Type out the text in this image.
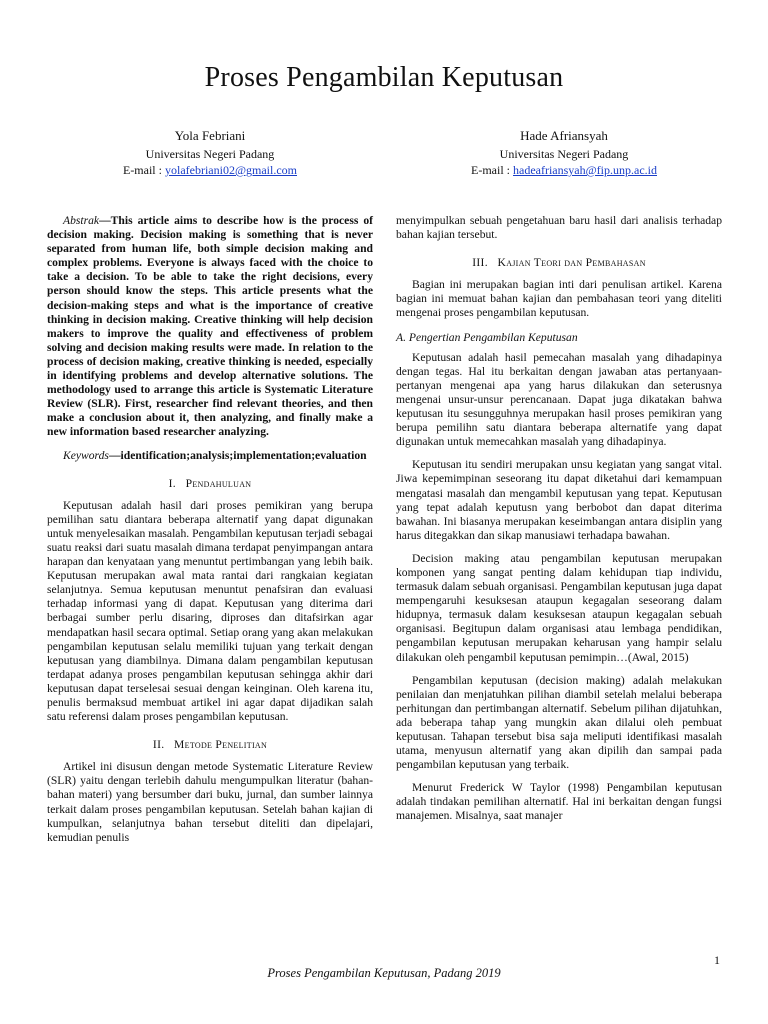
Proses Pengambilan Keputusan
Yola Febriani
Universitas Negeri Padang
E-mail : yolafebriani02@gmail.com
Hade Afriansyah
Universitas Negeri Padang
E-mail : hadeafriansyah@fip.unp.ac.id

Abstrak—This article aims to describe how is the process of decision making. Decision making is something that is never separated from human life, both simple decision making and complex problems. Everyone is always faced with the choice to take a decision. To be able to take the right decisions, every person should know the steps. This article presents what the decision-making steps and what is the importance of creative thinking in decision making. Creative thinking will help decision makers to improve the quality and effectiveness of problem solving and decision making results were made. In relation to the process of decision making, creative thinking is needed, especially in identifying problems and develop alternative solutions. The methodology used to arrange this article is Systematic Literature Review (SLR). First, researcher find relevant theories, and then make a conclusion about it, then analyzing, and finally make a new information based researcher analyzing.

Keywords—identification;analysis;implementation;evaluation

I. Pendahuluan

Keputusan adalah hasil dari proses pemikiran yang berupa pemilihan satu diantara beberapa alternatif yang dapat digunakan untuk menyelesaikan masalah. Pengambilan keputusan terjadi sebagai suatu reaksi dari suatu masalah dimana terdapat penyimpangan antara harapan dan kenyataan yang menuntut pertimbangan yang lebih baik. Keputusan merupakan awal mata rantai dari rangkaian kegiatan selanjutnya. Semua keputusan menuntut penafsiran dan evaluasi terhadap informasi yang di dapat. Keputusan yang diterima dari berbagai sumber perlu disaring, diproses dan ditafsirkan agar mendapatkan hasil secara optimal. Setiap orang yang akan melakukan pengambilan keputusan selalu memiliki tujuan yang terkait dengan keputusan yang diambilnya. Dimana dalam pengambilan keputusan terdapat adanya proses pengambilan keputusan sehingga akhir dari keputusan dapat terselesai sesuai dengan keinginan. Oleh karena itu, penulis bermaksud membuat artikel ini agar dapat dijadikan salah satu referensi dalam proses pengambilan keputusan.

II. Metode Penelitian

Artikel ini disusun dengan metode Systematic Literature Review (SLR) yaitu dengan terlebih dahulu mengumpulkan literatur (bahan-bahan materi) yang bersumber dari buku, jurnal, dan sumber lainnya terkait dalam proses pengambilan keputusan. Setelah bahan kajian di kumpulkan, selanjutnya bahan tersebut diteliti dan dipelajari, kemudian penulis

menyimpulkan sebuah pengetahuan baru hasil dari analisis terhadap bahan kajian tersebut.

III. Kajian Teori dan Pembahasan

Bagian ini merupakan bagian inti dari penulisan artikel. Karena bagian ini memuat bahan kajian dan pembahasan teori yang diteliti mengenai proses pengambilan keputusan.

A. Pengertian Pengambilan Keputusan

Keputusan adalah hasil pemecahan masalah yang dihadapinya dengan tegas. Hal itu berkaitan dengan jawaban atas pertanyaan-pertanyan mengenai apa yang harus dilakukan dan seterusnya mengenai unsur-unsur perencanaan. Dapat juga dikatakan bahwa keputusan itu sesungguhnya merupakan hasil proses pemikiran yang berupa pemilihn satu diantara beberapa alternatife yang dapat digunakan untuk memecahkan masalah yang dihadapinya.

Keputusan itu sendiri merupakan unsu kegiatan yang sangat vital. Jiwa kepemimpinan seseorang itu dapat diketahui dari kemampuan mengatasi masalah dan mengambil keputusan yang tepat. Keputusan yang tepat adalah keputusn yang berbobot dan dapat diterima bawahan. Ini biasanya merupakan keseimbangan antara disiplin yang harus ditegakkan dan sikap manusiawi terhadapa bawahan.

Decision making atau pengambilan keputusan merupakan komponen yang sangat penting dalam kehidupan tiap individu, termasuk dalam sebuah organisasi. Pengambilan keputusan juga dapat mempengaruhi kesuksesan ataupun kegagalan seseorang dalam hidupnya, termasuk dalam kesuksesan ataupun kegagalan sebuah organisasi. Begitupun dalam organisasi atau lembaga pendidikan, pengambilan keputusan merupakan keharusan yang hampir selalu dilakukan oleh pengambil keputusan pemimpin…(Awal, 2015)

Pengambilan keputusan (decision making) adalah melakukan penilaian dan menjatuhkan pilihan diambil setelah melalui beberapa perhitungan dan pertimbangan alternatif. Sebelum pilihan dijatuhkan, ada beberapa tahap yang mungkin akan dilalui oleh pembuat keputusan. Tahapan tersebut bisa saja meliputi identifikasi masalah utama, menyusun alternatif yang akan dipilih dan sampai pada pengambilan keputusan yang terbaik.

Menurut Frederick W Taylor (1998) Pengambilan keputusan adalah tindakan pemilihan alternatif. Hal ini berkaitan dengan fungsi manajemen. Misalnya, saat manajer

1
Proses Pengambilan Keputusan, Padang 2019
